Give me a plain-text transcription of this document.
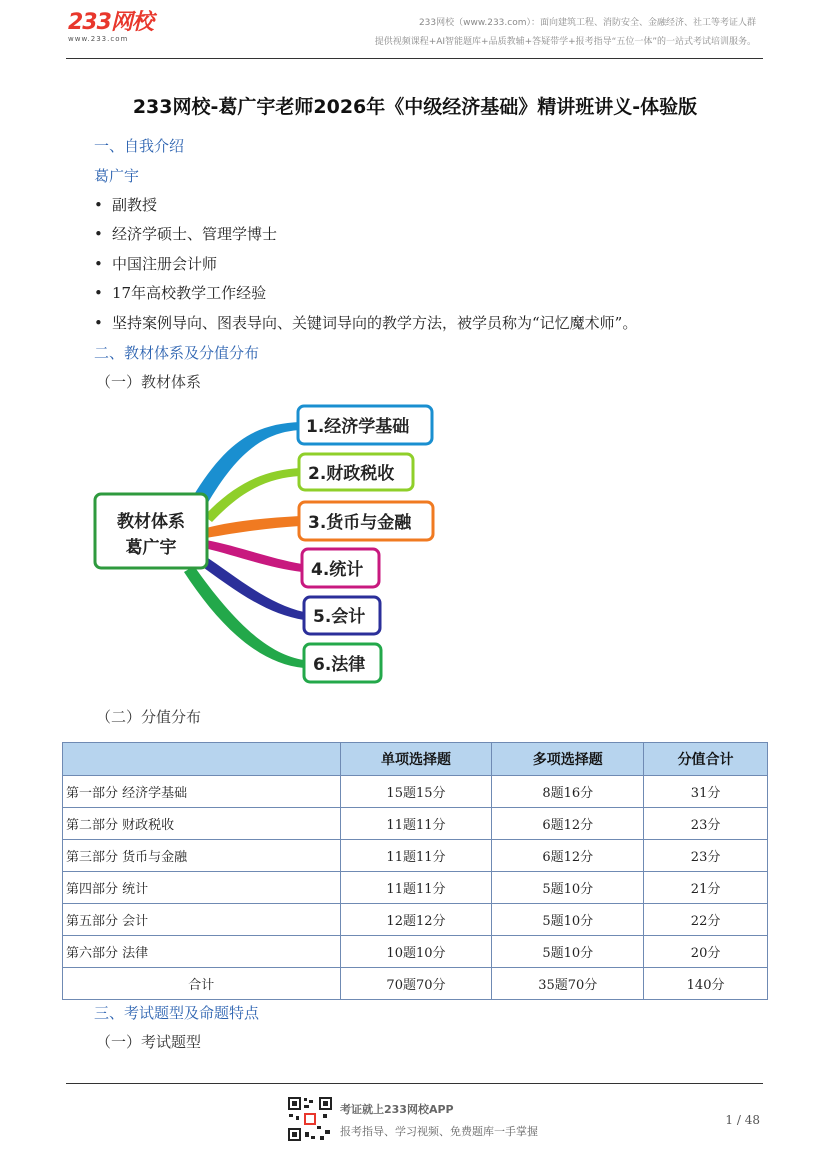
233网校
www.233.com
233网校（www.233.com）：面向建筑工程、消防安全、金融经济、社工等考证人群
提供视频课程+AI智能题库+品质教辅+答疑带学+报考指导“五位一体”的一站式考试培训服务。
233网校-葛广宇老师2026年《中级经济基础》精讲班讲义-体验版
一、自我介绍
葛广宇
• 副教授
• 经济学硕士、管理学博士
• 中国注册会计师
• 17年高校教学工作经验
• 坚持案例导向、图表导向、关键词导向的教学方法，被学员称为“记忆魔术师”。
二、教材体系及分值分布
（一）教材体系
教材体系
葛广宇
1.经济学基础
2.财政税收
3.货币与金融
4.统计
5.会计
6.法律
（二）分值分布
	单项选择题	多项选择题	分值合计
第一部分 经济学基础	15题15分	8题16分	31分
第二部分 财政税收	11题11分	6题12分	23分
第三部分 货币与金融	11题11分	6题12分	23分
第四部分 统计	11题11分	5题10分	21分
第五部分 会计	12题12分	5题10分	22分
第六部分 法律	10题10分	5题10分	20分
合计	70题70分	35题70分	140分
三、考试题型及命题特点
（一）考试题型
考证就上233网校APP
报考指导、学习视频、免费题库一手掌握
1 / 48
